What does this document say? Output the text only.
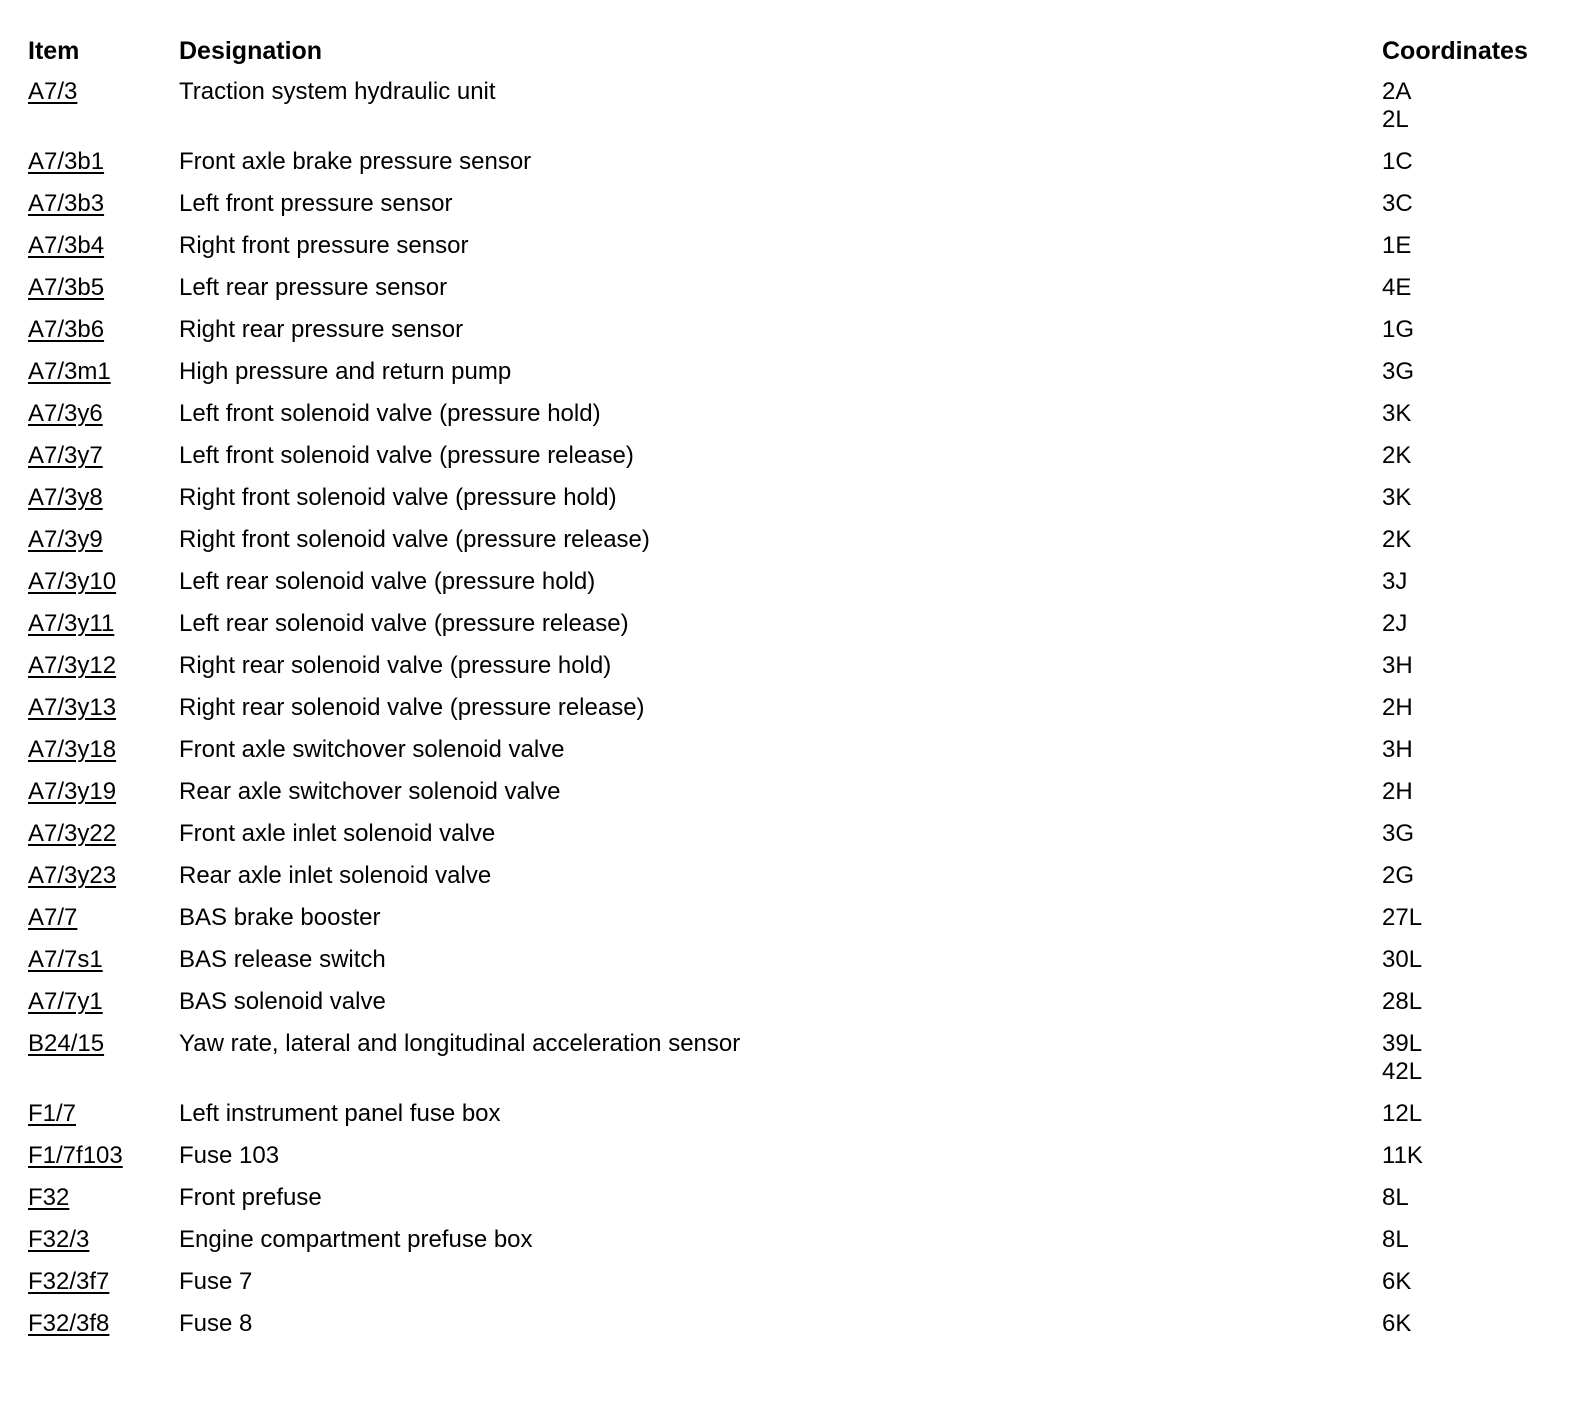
Item	Designation	Coordinates
A7/3	Traction system hydraulic unit	2A
2L
A7/3b1	Front axle brake pressure sensor	1C
A7/3b3	Left front pressure sensor	3C
A7/3b4	Right front pressure sensor	1E
A7/3b5	Left rear pressure sensor	4E
A7/3b6	Right rear pressure sensor	1G
A7/3m1	High pressure and return pump	3G
A7/3y6	Left front solenoid valve (pressure hold)	3K
A7/3y7	Left front solenoid valve (pressure release)	2K
A7/3y8	Right front solenoid valve (pressure hold)	3K
A7/3y9	Right front solenoid valve (pressure release)	2K
A7/3y10	Left rear solenoid valve (pressure hold)	3J
A7/3y11	Left rear solenoid valve (pressure release)	2J
A7/3y12	Right rear solenoid valve (pressure hold)	3H
A7/3y13	Right rear solenoid valve (pressure release)	2H
A7/3y18	Front axle switchover solenoid valve	3H
A7/3y19	Rear axle switchover solenoid valve	2H
A7/3y22	Front axle inlet solenoid valve	3G
A7/3y23	Rear axle inlet solenoid valve	2G
A7/7	BAS brake booster	27L
A7/7s1	BAS release switch	30L
A7/7y1	BAS solenoid valve	28L
B24/15	Yaw rate, lateral and longitudinal acceleration sensor	39L
42L
F1/7	Left instrument panel fuse box	12L
F1/7f103 Fuse 103	11K
F32	Front prefuse	8L
F32/3	Engine compartment prefuse box	8L
F32/3f7	Fuse 7	6K
F32/3f8	Fuse 8	6K
